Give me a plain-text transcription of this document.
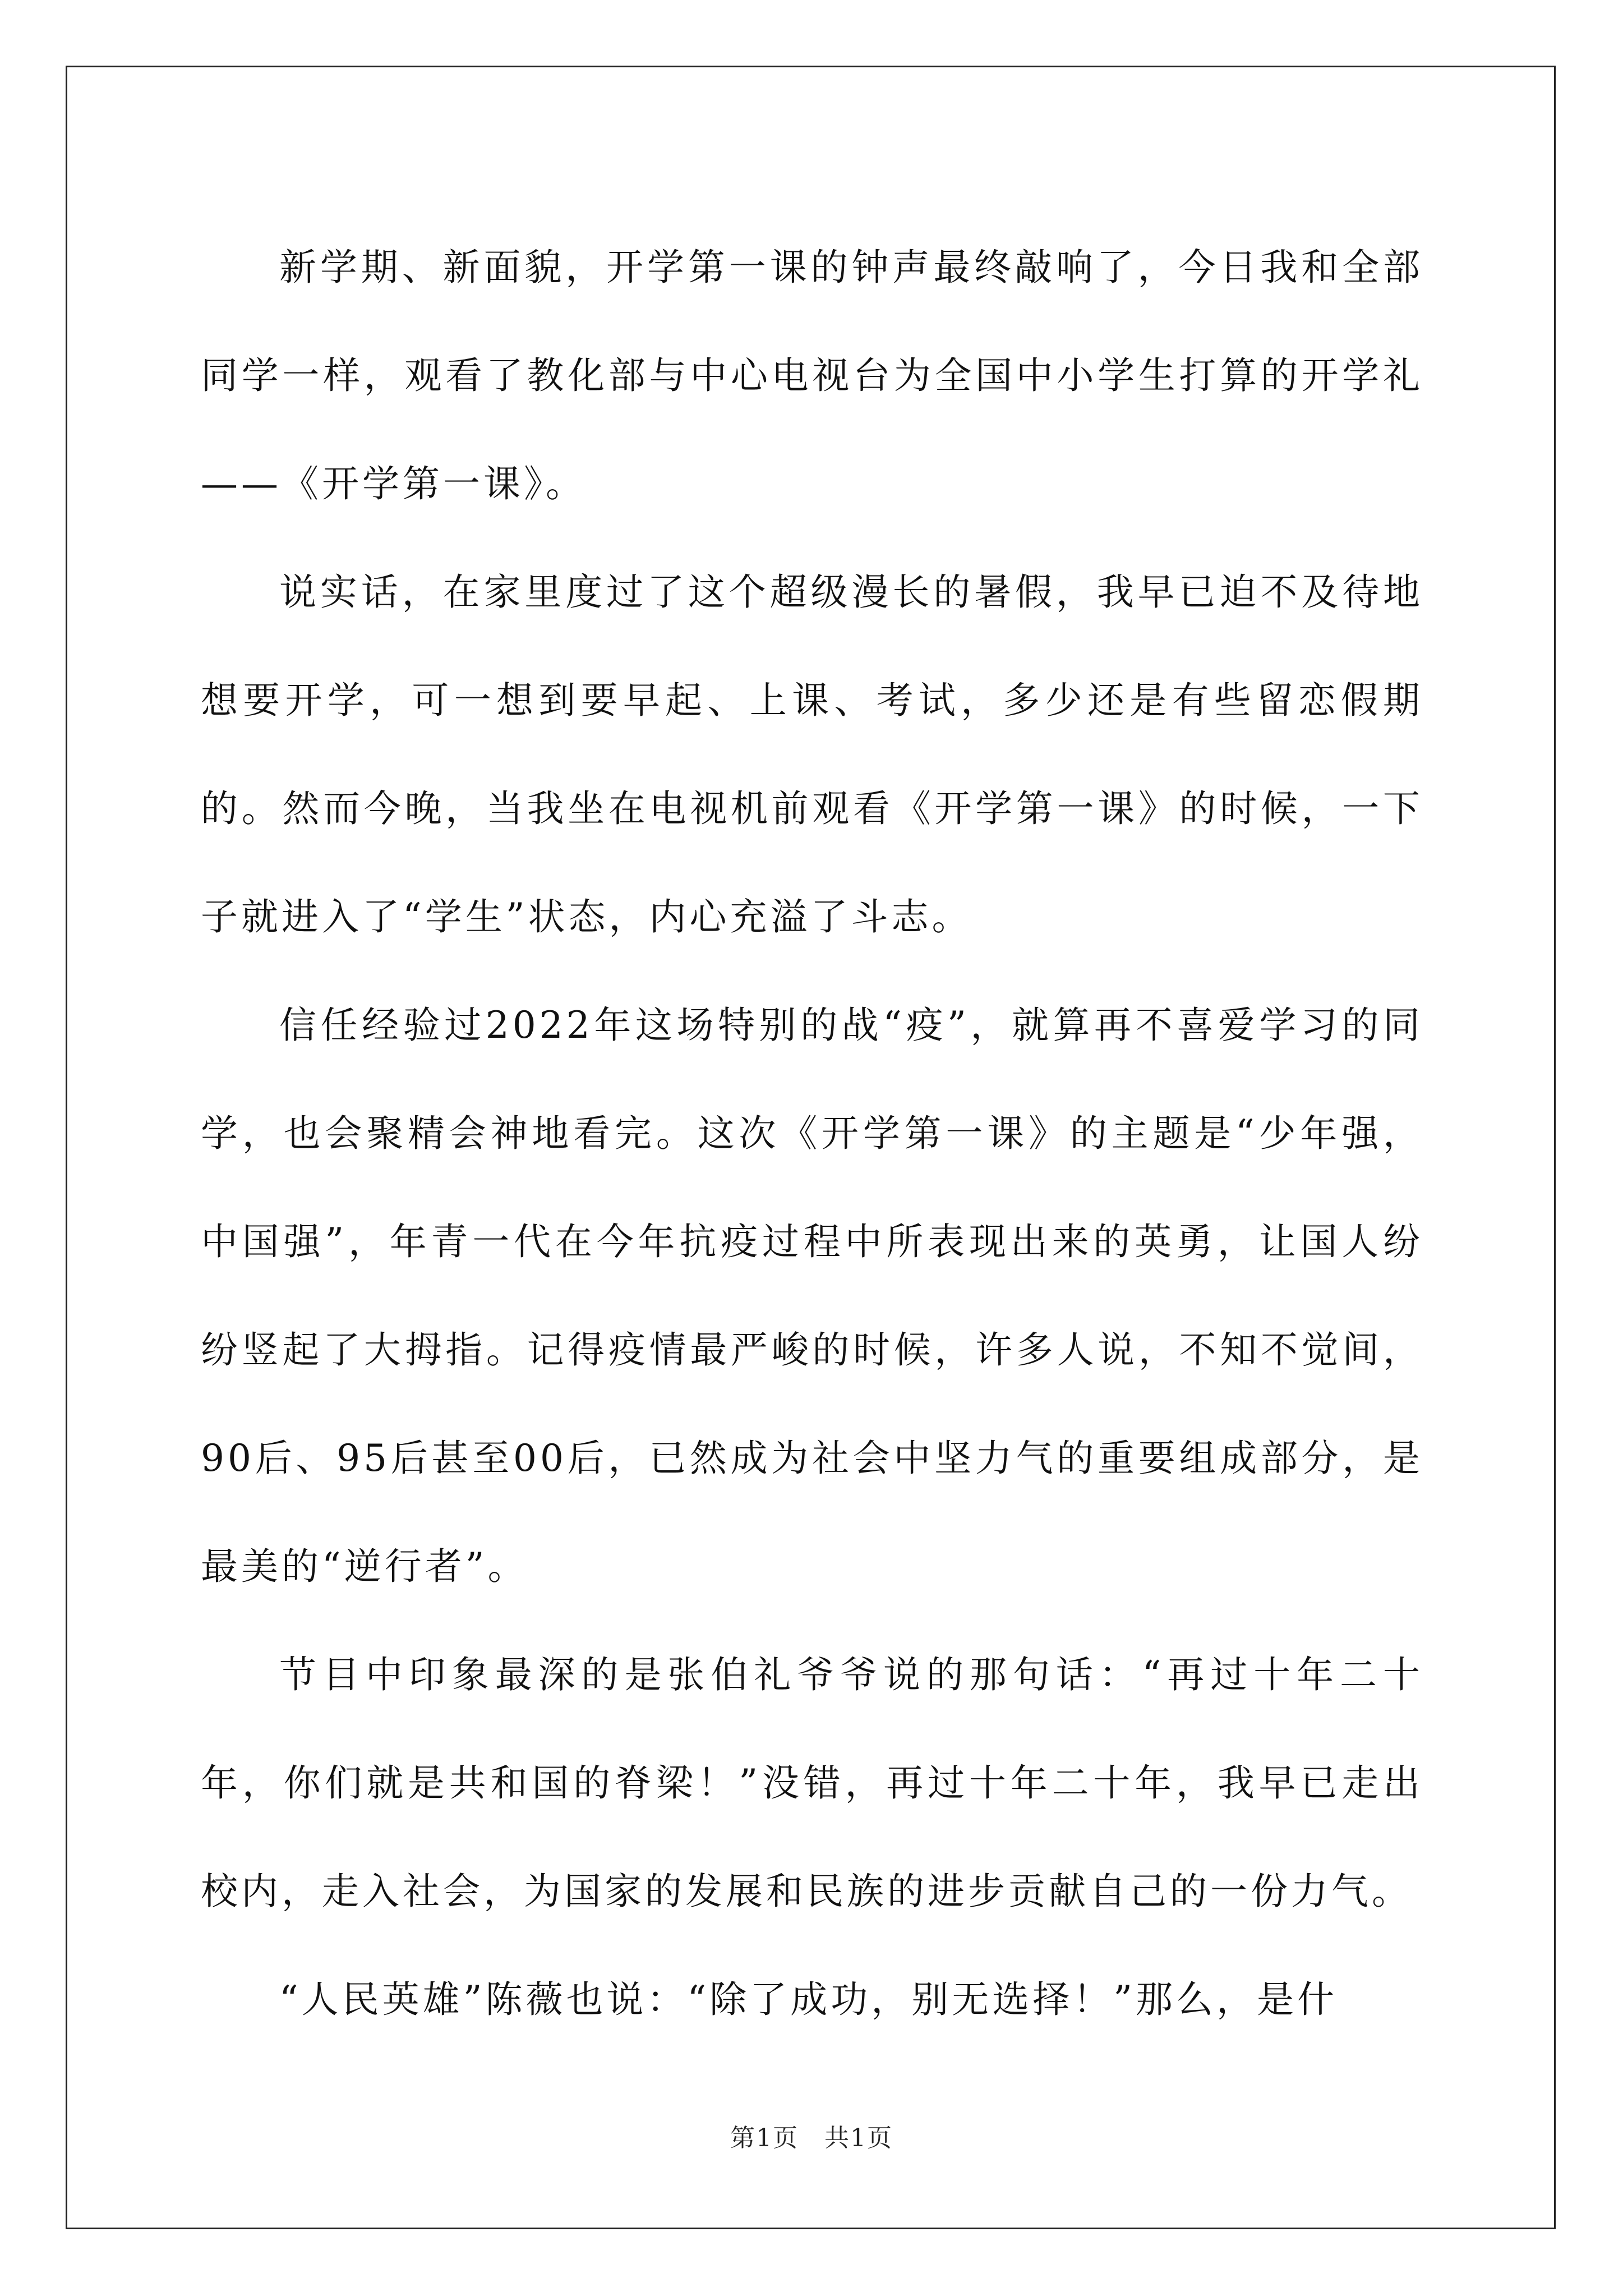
新学期、新面貌，开学第一课的钟声最终敲响了，今日我和全部同学一样，观看了教化部与中心电视台为全国中小学生打算的开学礼——《开学第一课》。

说实话，在家里度过了这个超级漫长的暑假，我早已迫不及待地想要开学，可一想到要早起、上课、考试，多少还是有些留恋假期的。然而今晚，当我坐在电视机前观看《开学第一课》的时候，一下子就进入了“学生”状态，内心充溢了斗志。

信任经验过2022年这场特别的战“疫”，就算再不喜爱学习的同学，也会聚精会神地看完。这次《开学第一课》的主题是“少年强，中国强”，年青一代在今年抗疫过程中所表现出来的英勇，让国人纷纷竖起了大拇指。记得疫情最严峻的时候，许多人说，不知不觉间，90后、95后甚至00后，已然成为社会中坚力气的重要组成部分，是最美的“逆行者”。

节目中印象最深的是张伯礼爷爷说的那句话：“再过十年二十年，你们就是共和国的脊梁！”没错，再过十年二十年，我早已走出校内，走入社会，为国家的发展和民族的进步贡献自己的一份力气。

“人民英雄”陈薇也说：“除了成功，别无选择！”那么，是什

第1页 共1页
